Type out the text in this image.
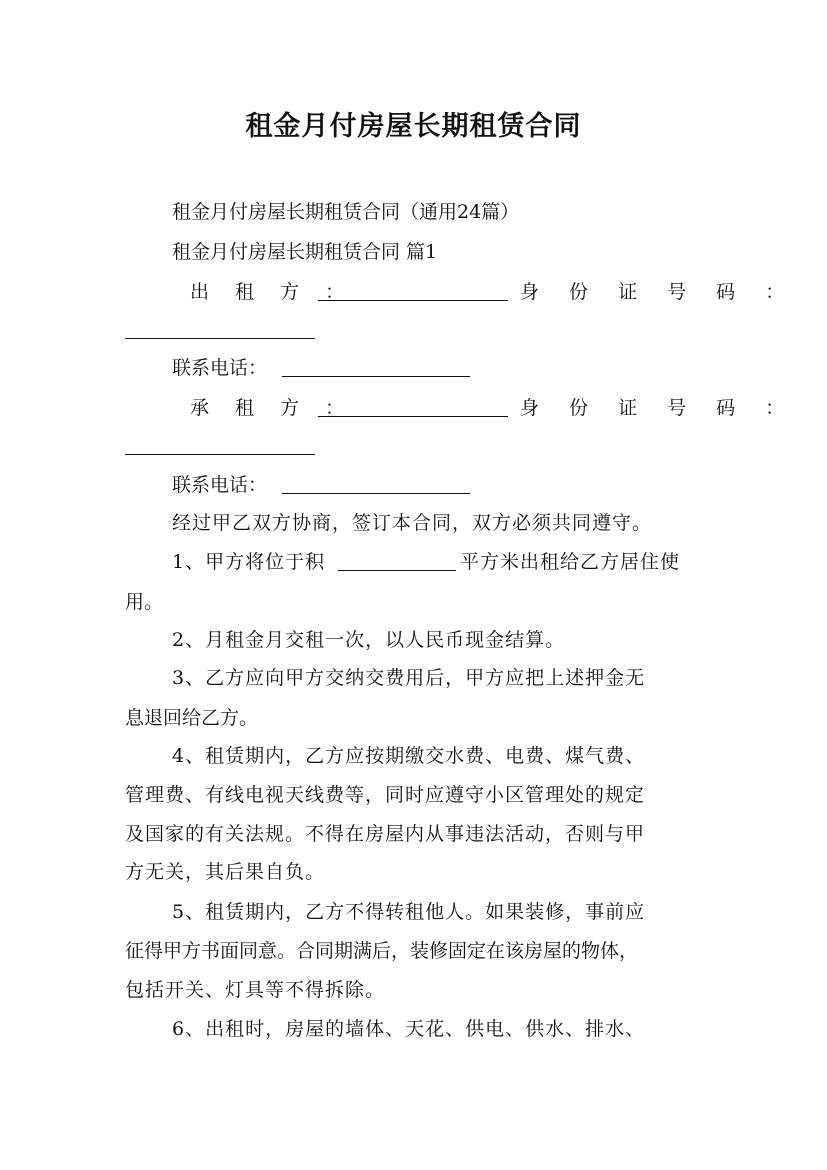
租金月付房屋长期租赁合同
租金月付房屋长期租赁合同（通用24篇）
租金月付房屋长期租赁合同 篇1
出 租 方 ：	身 份 证 号 码 ：
联系电话：
承 租 方 ：	身 份 证 号 码 ：
联系电话：
经过甲乙双方协商，签订本合同，双方必须共同遵守。
1、甲方将位于积	平方米出租给乙方居住使
用。
2、月租金月交租一次，以人民币现金结算。
3、乙方应向甲方交纳交费用后，甲方应把上述押金无
息退回给乙方。
4、租赁期内，乙方应按期缴交水费、电费、煤气费、
管理费、有线电视天线费等，同时应遵守小区管理处的规定
及国家的有关法规。不得在房屋内从事违法活动，否则与甲
方无关，其后果自负。
5、租赁期内，乙方不得转租他人。如果装修，事前应
征得甲方书面同意。合同期满后，装修固定在该房屋的物体，
包括开关、灯具等不得拆除。
6、出租时，房屋的墙体、天花、供电、供水、排水、
